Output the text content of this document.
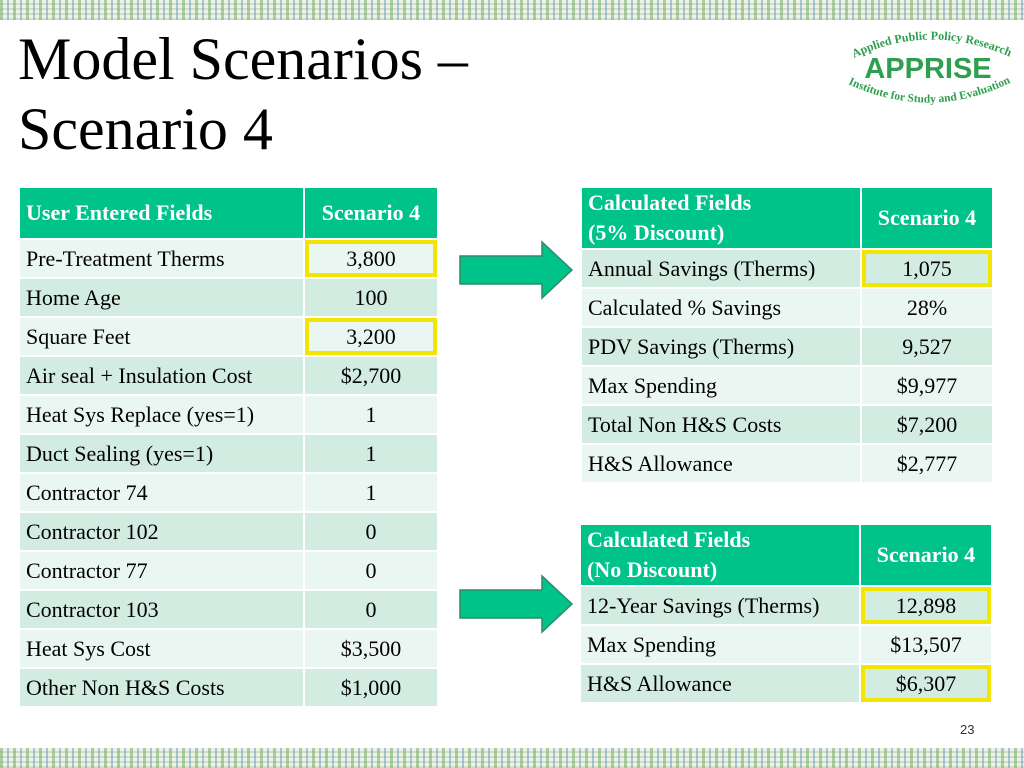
Model Scenarios –
Scenario 4
Applied Public Policy Research
APPRISE
Institute for Study and Evaluation
User Entered Fields	Scenario 4
Pre-Treatment Therms	3,800
Home Age	100
Square Feet	3,200
Air seal + Insulation Cost	$2,700
Heat Sys Replace (yes=1)	1
Duct Sealing (yes=1)	1
Contractor 74	1
Contractor 102	0
Contractor 77	0
Contractor 103	0
Heat Sys Cost	$3,500
Other Non H&S Costs	$1,000
Calculated Fields
(5% Discount)	Scenario 4
Annual Savings (Therms)	1,075
Calculated % Savings	28%
PDV Savings (Therms)	9,527
Max Spending	$9,977
Total Non H&S Costs	$7,200
H&S Allowance	$2,777
Calculated Fields
(No Discount)	Scenario 4
12-Year Savings (Therms)	12,898
Max Spending	$13,507
H&S Allowance	$6,307
23
